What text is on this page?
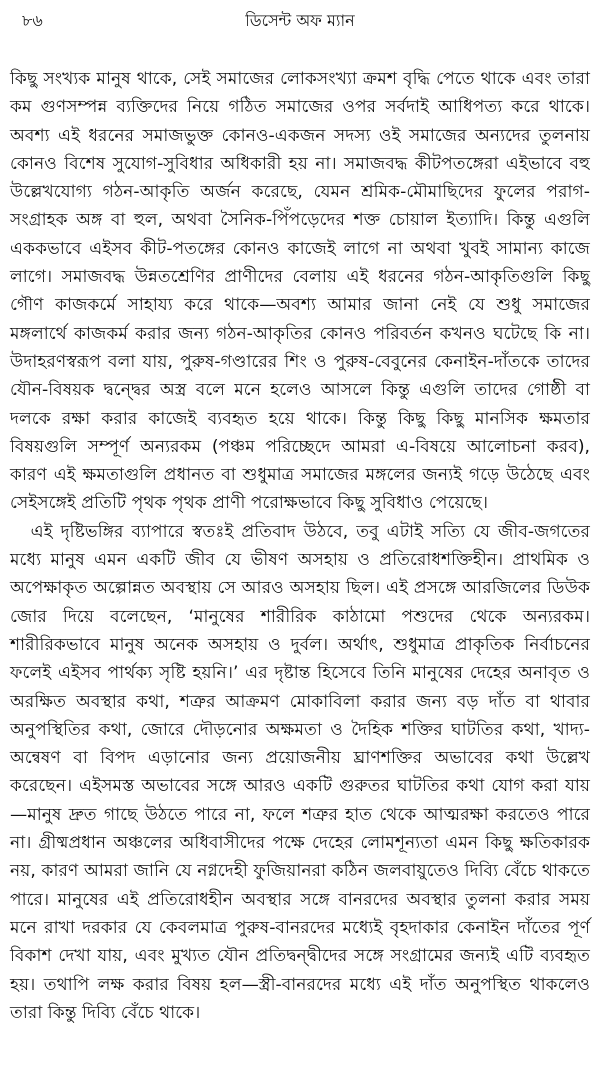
৮৬	ডিসেন্ট অফ ম্যান

কিছু সংখ্যক মানুষ থাকে, সেই সমাজের লোকসংখ্যা ক্রমশ বৃদ্ধি পেতে থাকে এবং তারা কম গুণসম্পন্ন ব্যক্তিদের নিয়ে গঠিত সমাজের ওপর সর্বদাই আধিপত্য করে থাকে। অবশ্য এই ধরনের সমাজভুক্ত কোনও-একজন সদস্য ওই সমাজের অন্যদের তুলনায় কোনও বিশেষ সুযোগ-সুবিধার অধিকারী হয় না। সমাজবদ্ধ কীটপতঙ্গেরা এইভাবে বহু উল্লেখযোগ্য গঠন-আকৃতি অর্জন করেছে, যেমন শ্রমিক-মৌমাছিদের ফুলের পরাগ-সংগ্রাহক অঙ্গ বা হুল, অথবা সৈনিক-পিঁপড়েদের শক্ত চোয়াল ইত্যাদি। কিন্তু এগুলি এককভাবে এইসব কীট-পতঙ্গের কোনও কাজেই লাগে না অথবা খুবই সামান্য কাজে লাগে। সমাজবদ্ধ উন্নতশ্রেণির প্রাণীদের বেলায় এই ধরনের গঠন-আকৃতিগুলি কিছু গৌণ কাজকর্মে সাহায্য করে থাকে—অবশ্য আমার জানা নেই যে শুধু সমাজের মঙ্গলার্থে কাজকর্ম করার জন্য গঠন-আকৃতির কোনও পরিবর্তন কখনও ঘটেছে কি না। উদাহরণস্বরূপ বলা যায়, পুরুষ-গণ্ডারের শিং ও পুরুষ-বেবুনের কেনাইন-দাঁতকে তাদের যৌন-বিষয়ক দ্বন্দ্বের অস্ত্র বলে মনে হলেও আসলে কিন্তু এগুলি তাদের গোষ্ঠী বা দলকে রক্ষা করার কাজেই ব্যবহৃত হয়ে থাকে। কিন্তু কিছু কিছু মানসিক ক্ষমতার বিষয়গুলি সম্পূর্ণ অন্যরকম (পঞ্চম পরিচ্ছেদে আমরা এ-বিষয়ে আলোচনা করব), কারণ এই ক্ষমতাগুলি প্রধানত বা শুধুমাত্র সমাজের মঙ্গলের জন্যই গড়ে উঠেছে এবং সেইসঙ্গেই প্রতিটি পৃথক পৃথক প্রাণী পরোক্ষভাবে কিছু সুবিধাও পেয়েছে।

এই দৃষ্টিভঙ্গির ব্যাপারে স্বতঃই প্রতিবাদ উঠবে, তবু এটাই সত্যি যে জীব-জগতের মধ্যে মানুষ এমন একটি জীব যে ভীষণ অসহায় ও প্রতিরোধশক্তিহীন। প্রাথমিক ও অপেক্ষাকৃত অল্পোন্নত অবস্থায় সে আরও অসহায় ছিল। এই প্রসঙ্গে আরজিলের ডিউক জোর দিয়ে বলেছেন, ‘মানুষের শারীরিক কাঠামো পশুদের থেকে অন্যরকম। শারীরিকভাবে মানুষ অনেক অসহায় ও দুর্বল। অর্থাৎ, শুধুমাত্র প্রাকৃতিক নির্বাচনের ফলেই এইসব পার্থক্য সৃষ্টি হয়নি।’ এর দৃষ্টান্ত হিসেবে তিনি মানুষের দেহের অনাবৃত ও অরক্ষিত অবস্থার কথা, শত্রুর আক্রমণ মোকাবিলা করার জন্য বড় দাঁত বা থাবার অনুপস্থিতির কথা, জোরে দৌড়নোর অক্ষমতা ও দৈহিক শক্তির ঘাটতির কথা, খাদ্য-অন্বেষণ বা বিপদ এড়ানোর জন্য প্রয়োজনীয় ঘ্রাণশক্তির অভাবের কথা উল্লেখ করেছেন। এইসমস্ত অভাবের সঙ্গে আরও একটি গুরুতর ঘাটতির কথা যোগ করা যায়—মানুষ দ্রুত গাছে উঠতে পারে না, ফলে শত্রুর হাত থেকে আত্মরক্ষা করতেও পারে না। গ্রীষ্মপ্রধান অঞ্চলের অধিবাসীদের পক্ষে দেহের লোমশূন্যতা এমন কিছু ক্ষতিকারক নয়, কারণ আমরা জানি যে নগ্নদেহী ফুজিয়ানরা কঠিন জলবায়ুতেও দিব্যি বেঁচে থাকতে পারে। মানুষের এই প্রতিরোধহীন অবস্থার সঙ্গে বানরদের অবস্থার তুলনা করার সময় মনে রাখা দরকার যে কেবলমাত্র পুরুষ-বানরদের মধ্যেই বৃহদাকার কেনাইন দাঁতের পূর্ণ বিকাশ দেখা যায়, এবং মুখ্যত যৌন প্রতিদ্বন্দ্বীদের সঙ্গে সংগ্রামের জন্যই এটি ব্যবহৃত হয়। তথাপি লক্ষ করার বিষয় হল—স্ত্রী-বানরদের মধ্যে এই দাঁত অনুপস্থিত থাকলেও তারা কিন্তু দিব্যি বেঁচে থাকে।
